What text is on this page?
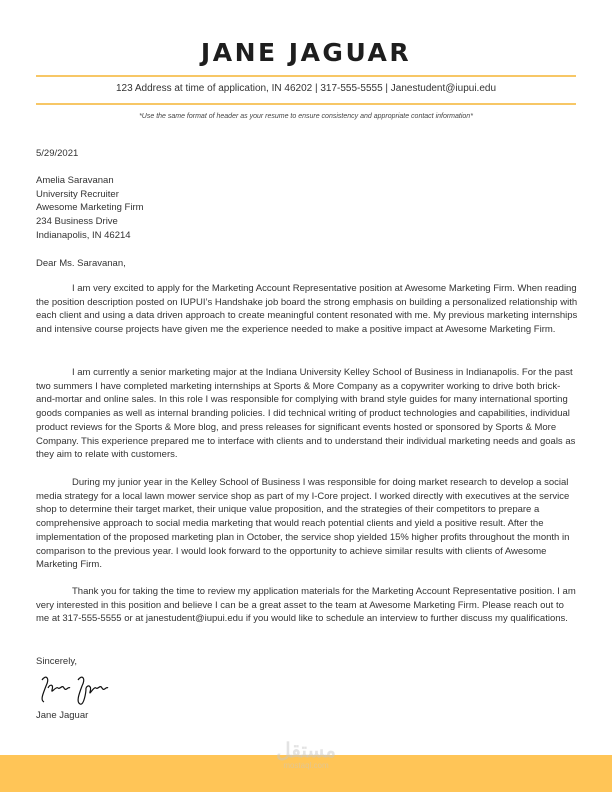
JANE JAGUAR
123 Address at time of application, IN 46202 | 317-555-5555 | Janestudent@iupui.edu
*Use the same format of header as your resume to ensure consistency and appropriate contact information*
5/29/2021
Amelia Saravanan
University Recruiter
Awesome Marketing Firm
234 Business Drive
Indianapolis, IN 46214
Dear Ms. Saravanan,

I am very excited to apply for the Marketing Account Representative position at Awesome Marketing Firm. When reading the position description posted on IUPUI’s Handshake job board the strong emphasis on building a personalized relationship with each client and using a data driven approach to create meaningful content resonated with me. My previous marketing internships and intensive course projects have given me the experience needed to make a positive impact at Awesome Marketing Firm.

I am currently a senior marketing major at the Indiana University Kelley School of Business in Indianapolis. For the past two summers I have completed marketing internships at Sports & More Company as a copywriter working to drive both brick-and-mortar and online sales. In this role I was responsible for complying with brand style guides for many international sporting goods companies as well as internal branding policies. I did technical writing of product technologies and capabilities, individual product reviews for the Sports & More blog, and press releases for significant events hosted or sponsored by Sports & More Company. This experience prepared me to interface with clients and to understand their individual marketing needs and goals as they aim to relate with customers.

During my junior year in the Kelley School of Business I was responsible for doing market research to develop a social media strategy for a local lawn mower service shop as part of my I-Core project. I worked directly with executives at the service shop to determine their target market, their unique value proposition, and the strategies of their competitors to prepare a comprehensive approach to social media marketing that would reach potential clients and yield a positive result. After the implementation of the proposed marketing plan in October, the service shop yielded 15% higher profits throughout the month in comparison to the previous year. I would look forward to the opportunity to achieve similar results with clients of Awesome Marketing Firm.

Thank you for taking the time to review my application materials for the Marketing Account Representative position. I am very interested in this position and believe I can be a great asset to the team at Awesome Marketing Firm. Please reach out to me at 317-555-5555 or at janestudent@iupui.edu if you would like to schedule an interview to further discuss my qualifications.

Sincerely,
Jane Jaguar
مستقل
mostaql.com
